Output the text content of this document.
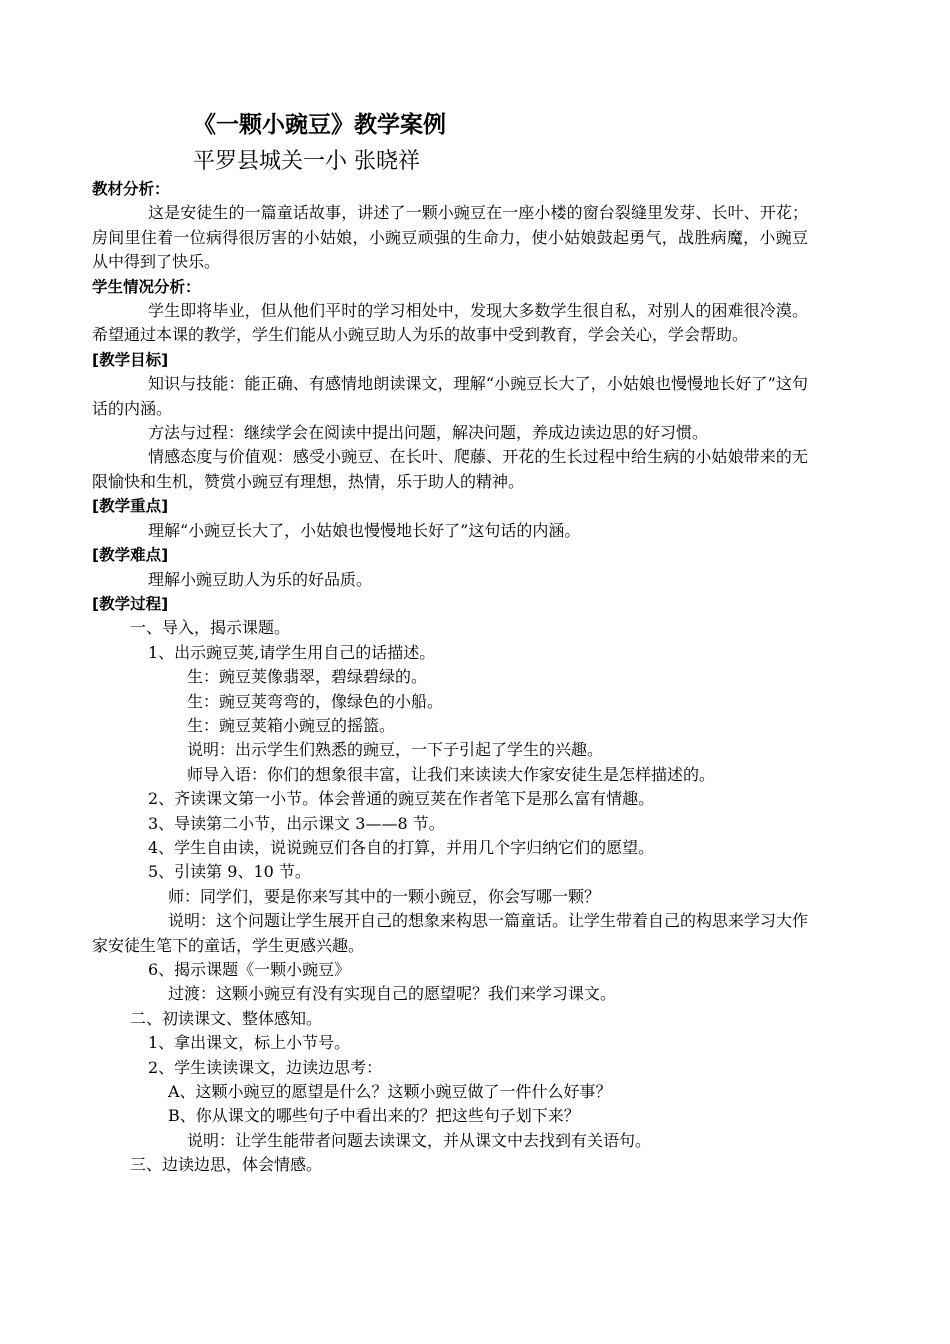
《一颗小豌豆》教学案例
平罗县城关一小 张晓祥

教材分析：

这是安徒生的一篇童话故事，讲述了一颗小豌豆在一座小楼的窗台裂缝里发芽、长叶、开花；房间里住着一位病得很厉害的小姑娘，小豌豆顽强的生命力，使小姑娘鼓起勇气，战胜病魔，小豌豆从中得到了快乐。

学生情况分析：

学生即将毕业，但从他们平时的学习相处中，发现大多数学生很自私，对别人的困难很冷漠。希望通过本课的教学，学生们能从小豌豆助人为乐的故事中受到教育，学会关心，学会帮助。

[教学目标]

知识与技能：能正确、有感情地朗读课文，理解“小豌豆长大了，小姑娘也慢慢地长好了”这句话的内涵。

方法与过程：继续学会在阅读中提出问题，解决问题，养成边读边思的好习惯。

情感态度与价值观：感受小豌豆、在长叶、爬藤、开花的生长过程中给生病的小姑娘带来的无限愉快和生机，赞赏小豌豆有理想，热情，乐于助人的精神。

[教学重点]

理解“小豌豆长大了，小姑娘也慢慢地长好了”这句话的内涵。

[教学难点]

理解小豌豆助人为乐的好品质。

[教学过程]

一、导入，揭示课题。

1、出示豌豆荚,请学生用自己的话描述。

生：豌豆荚像翡翠，碧绿碧绿的。

生：豌豆荚弯弯的，像绿色的小船。

生：豌豆荚箱小豌豆的摇篮。

说明：出示学生们熟悉的豌豆，一下子引起了学生的兴趣。

师导入语：你们的想象很丰富，让我们来读读大作家安徒生是怎样描述的。

2、齐读课文第一小节。体会普通的豌豆荚在作者笔下是那么富有情趣。

3、导读第二小节，出示课文 3——8 节。

4、学生自由读，说说豌豆们各自的打算，并用几个字归纳它们的愿望。

5、引读第 9、10 节。

师：同学们，要是你来写其中的一颗小豌豆，你会写哪一颗？

说明：这个问题让学生展开自己的想象来构思一篇童话。让学生带着自己的构思来学习大作家安徒生笔下的童话，学生更感兴趣。

6、揭示课题《一颗小豌豆》

过渡：这颗小豌豆有没有实现自己的愿望呢？我们来学习课文。

二、初读课文、整体感知。

1、拿出课文，标上小节号。

2、学生读读课文，边读边思考：

A、这颗小豌豆的愿望是什么？这颗小豌豆做了一件什么好事？

B、你从课文的哪些句子中看出来的？把这些句子划下来？

说明：让学生能带者问题去读课文，并从课文中去找到有关语句。

三、边读边思，体会情感。
